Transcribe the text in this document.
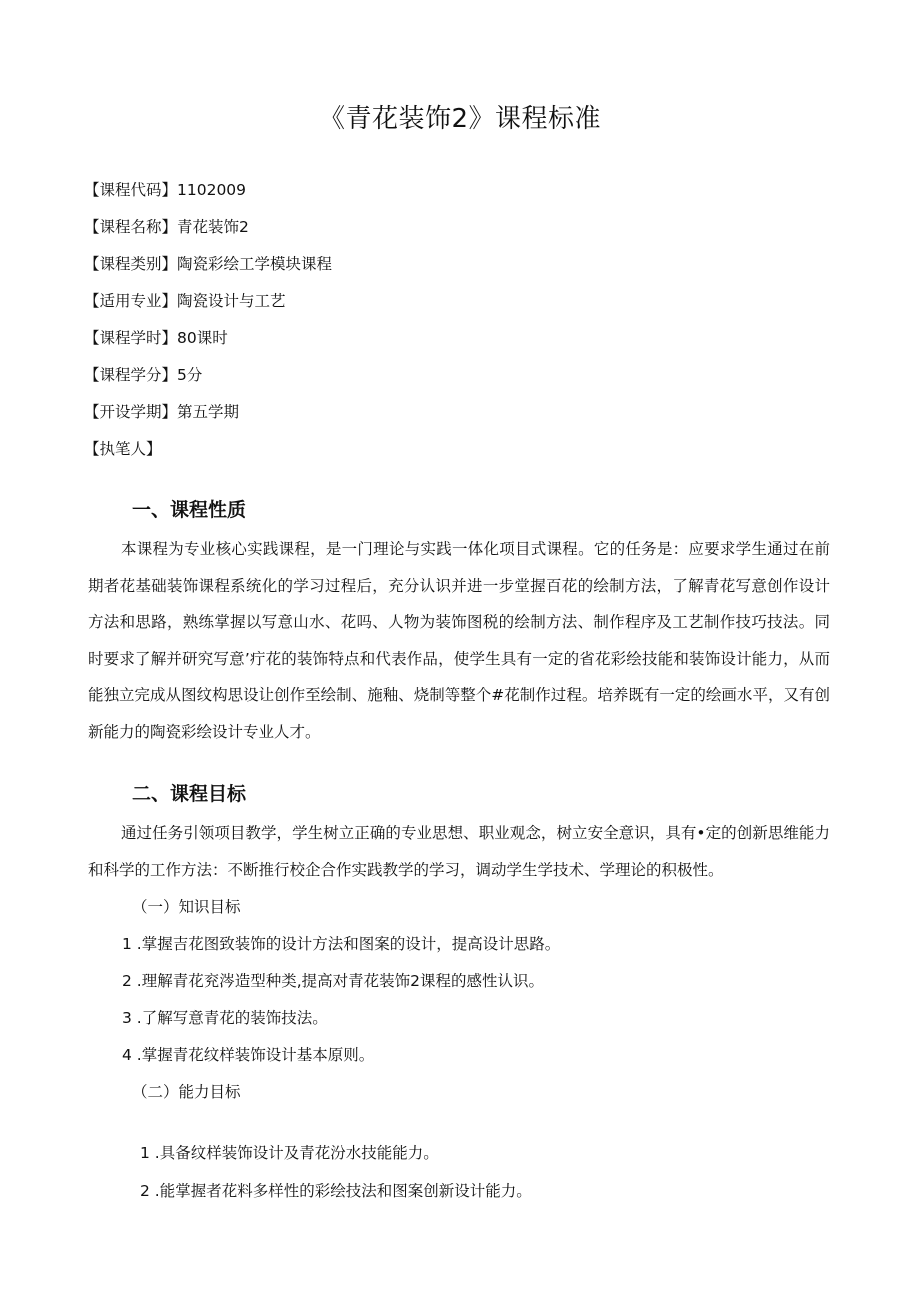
《青花装饰2》课程标准
【课程代码】1102009
【课程名称】青花装饰2
【课程类别】陶瓷彩绘工学模块课程
【适用专业】陶瓷设计与工艺
【课程学时】80课时
【课程学分】5分
【开设学期】第五学期
【执笔人】
一、课程性质
本课程为专业核心实践课程，是一门理论与实践一体化项目式课程。它的任务是：应要求学生通过在前期者花基础装饰课程系统化的学习过程后，充分认识并进一步堂握百花的绘制方法，了解青花写意创作设计方法和思路，熟练掌握以写意山水、花吗、人物为装饰图税的绘制方法、制作程序及工艺制作技巧技法。同时要求了解并研究写意’疔花的装饰特点和代表作品，使学生具有一定的省花彩绘技能和装饰设计能力，从而能独立完成从图纹构思设让创作至绘制、施釉、烧制等整个#花制作过程。培养既有一定的绘画水平，又有创新能力的陶瓷彩绘设计专业人才。
二、课程目标
通过任务引领项目教学，学生树立正确的专业思想、职业观念，树立安全意识，具有•定的创新思维能力和科学的工作方法：不断推行校企合作实践教学的学习，调动学生学技术、学理论的积极性。
（一）知识目标
1 .掌握吉花图致装饰的设计方法和图案的设计，提高设计思路。
2 .理解青花兖涔造型种类,提高对青花装饰2课程的感性认识。
3 .了解写意青花的装饰技法。
4 .掌握青花纹样装饰设计基本原则。
（二）能力目标
1 .具备纹样装饰设计及青花汾水技能能力。
2 .能掌握者花料多样性的彩绘技法和图案创新设计能力。
